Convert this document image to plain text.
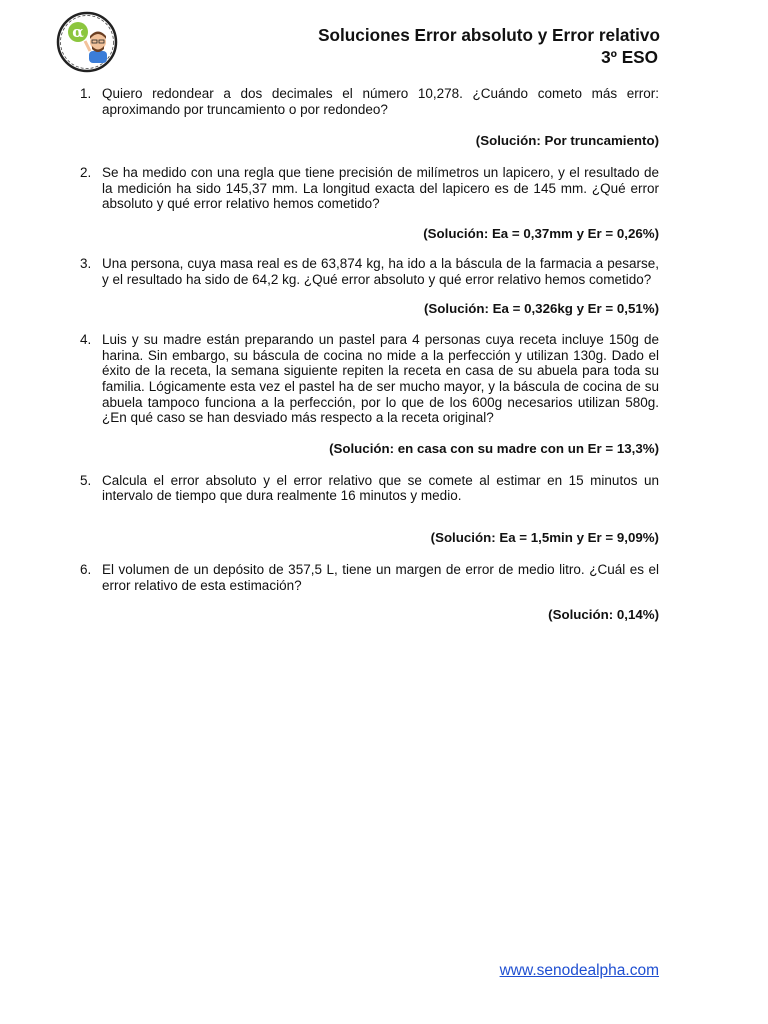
α	Soluciones Error absoluto y Error relativo
3º ESO
1. Quiero redondear a dos decimales el número 10,278. ¿Cuándo cometo más error: aproximando por truncamiento o por redondeo?

(Solución: Por truncamiento)
2. Se ha medido con una regla que tiene precisión de milímetros un lapicero, y el resultado de la medición ha sido 145,37 mm. La longitud exacta del lapicero es de 145 mm. ¿Qué error absoluto y qué error relativo hemos cometido?

(Solución: Ea = 0,37mm y Er = 0,26%)
3. Una persona, cuya masa real es de 63,874 kg, ha ido a la báscula de la farmacia a pesarse, y el resultado ha sido de 64,2 kg. ¿Qué error absoluto y qué error relativo hemos cometido?

(Solución: Ea = 0,326kg y Er = 0,51%)
4. Luis y su madre están preparando un pastel para 4 personas cuya receta incluye 150g de harina. Sin embargo, su báscula de cocina no mide a la perfección y utilizan 130g. Dado el éxito de la receta, la semana siguiente repiten la receta en casa de su abuela para toda su familia. Lógicamente esta vez el pastel ha de ser mucho mayor, y la báscula de cocina de su abuela tampoco funciona a la perfección, por lo que de los 600g necesarios utilizan 580g. ¿En qué caso se han desviado más respecto a la receta original?

(Solución: en casa con su madre con un Er = 13,3%)
5. Calcula el error absoluto y el error relativo que se comete al estimar en 15 minutos un intervalo de tiempo que dura realmente 16 minutos y medio.

(Solución: Ea = 1,5min y Er = 9,09%)
6. El volumen de un depósito de 357,5 L, tiene un margen de error de medio litro. ¿Cuál es el error relativo de esta estimación?

(Solución: 0,14%)
www.senodealpha.com
